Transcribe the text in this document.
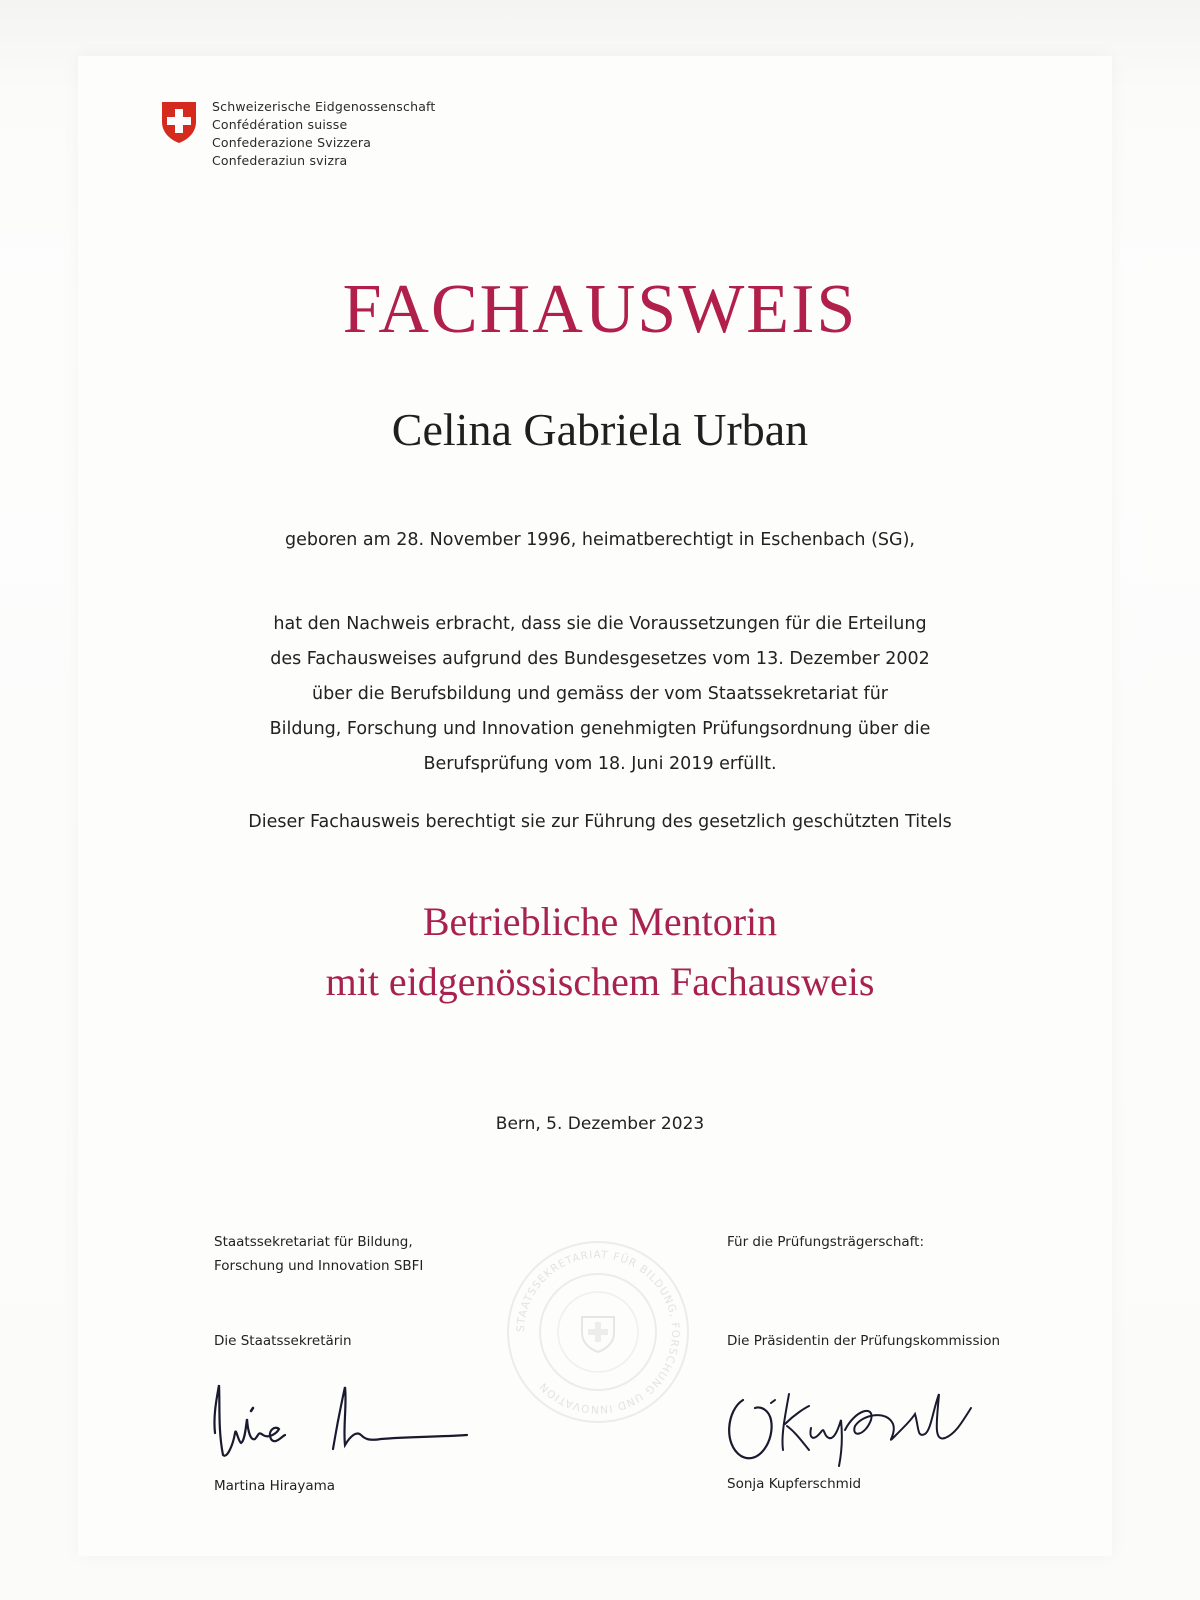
Schweizerische Eidgenossenschaft
Confédération suisse
Confederazione Svizzera
Confederaziun svizra
FACHAUSWEIS
Celina Gabriela Urban
geboren am 28. November 1996, heimatberechtigt in Eschenbach (SG),
hat den Nachweis erbracht, dass sie die Voraussetzungen für die Erteilung
des Fachausweises aufgrund des Bundesgesetzes vom 13. Dezember 2002
über die Berufsbildung und gemäss der vom Staatssekretariat für
Bildung, Forschung und Innovation genehmigten Prüfungsordnung über die
Berufsprüfung vom 18. Juni 2019 erfüllt.
Dieser Fachausweis berechtigt sie zur Führung des gesetzlich geschützten Titels
Betriebliche Mentorin
mit eidgenössischem Fachausweis
Bern, 5. Dezember 2023
Staatssekretariat für Bildung,
Forschung und Innovation SBFI
Für die Prüfungsträgerschaft:
Die Staatssekretärin	Die Präsidentin der Prüfungskommission
STAATSSEKRETARIAT FÜR BILDUNG, FORSCHUNG UND INNOVATION
Martina Hirayama	Sonja Kupferschmid
